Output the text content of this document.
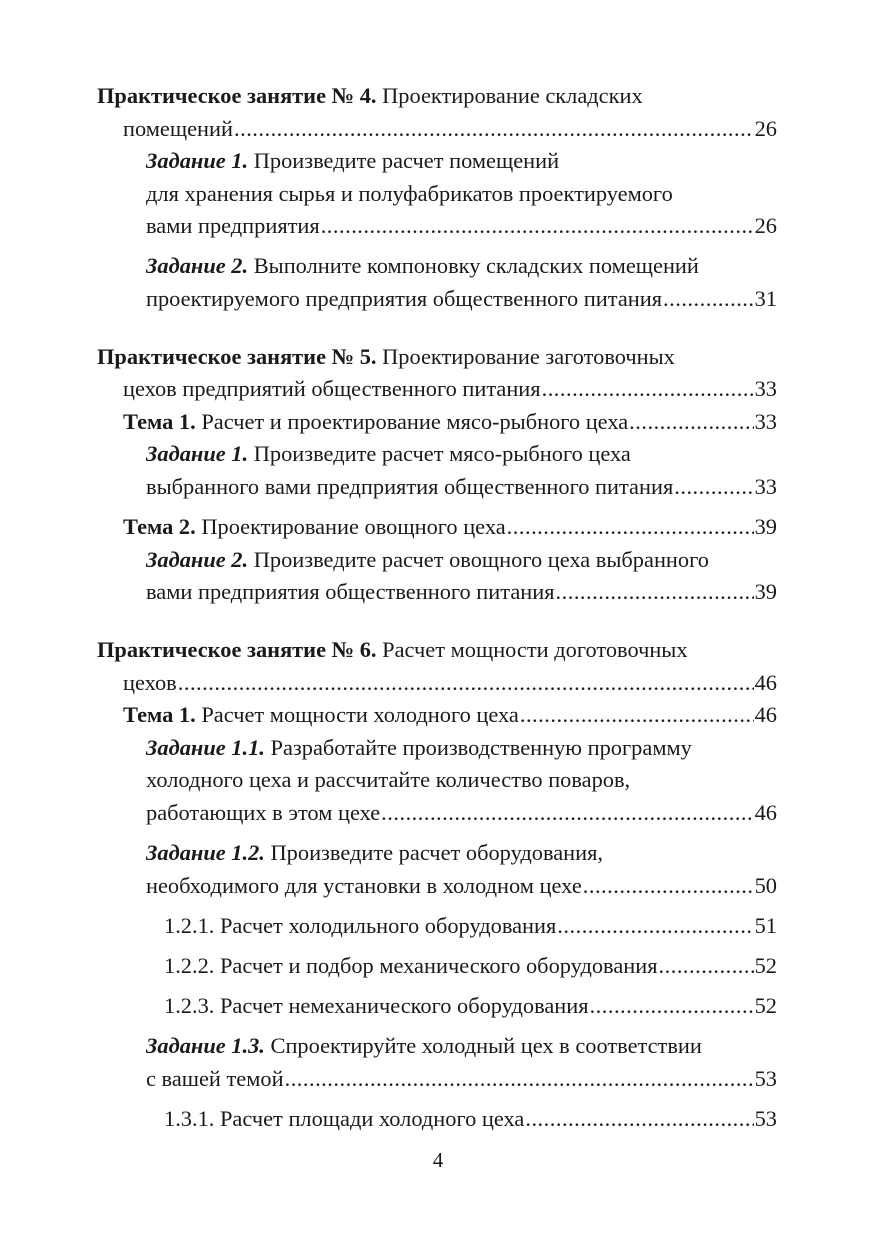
Практическое занятие № 4. Проектирование складских
помещений .....	26
Задание 1. Произведите расчет помещений
для хранения сырья и полуфабрикатов проектируемого
вами предприятия .....	26
Задание 2. Выполните компоновку складских помещений
проектируемого предприятия общественного питания .....	31
Практическое занятие № 5. Проектирование заготовочных
цехов предприятий общественного питания .....	33
Тема 1. Расчет и проектирование мясо-рыбного цеха .....	33
Задание 1. Произведите расчет мясо-рыбного цеха
выбранного вами предприятия общественного питания .....	33
Тема 2. Проектирование овощного цеха .....	39
Задание 2. Произведите расчет овощного цеха выбранного
вами предприятия общественного питания .....	39
Практическое занятие № 6. Расчет мощности доготовочных
цехов .....	46
Тема 1. Расчет мощности холодного цеха .....	46
Задание 1.1. Разработайте производственную программу
холодного цеха и рассчитайте количество поваров,
работающих в этом цехе .....	46
Задание 1.2. Произведите расчет оборудования,
необходимого для установки в холодном цехе .....	50
1.2.1. Расчет холодильного оборудования .....	51
1.2.2. Расчет и подбор механического оборудования .....	52
1.2.3. Расчет немеханического оборудования .....	52
Задание 1.3. Спроектируйте холодный цех в соответствии
с вашей темой .....	53
1.3.1. Расчет площади холодного цеха .....	53
4
